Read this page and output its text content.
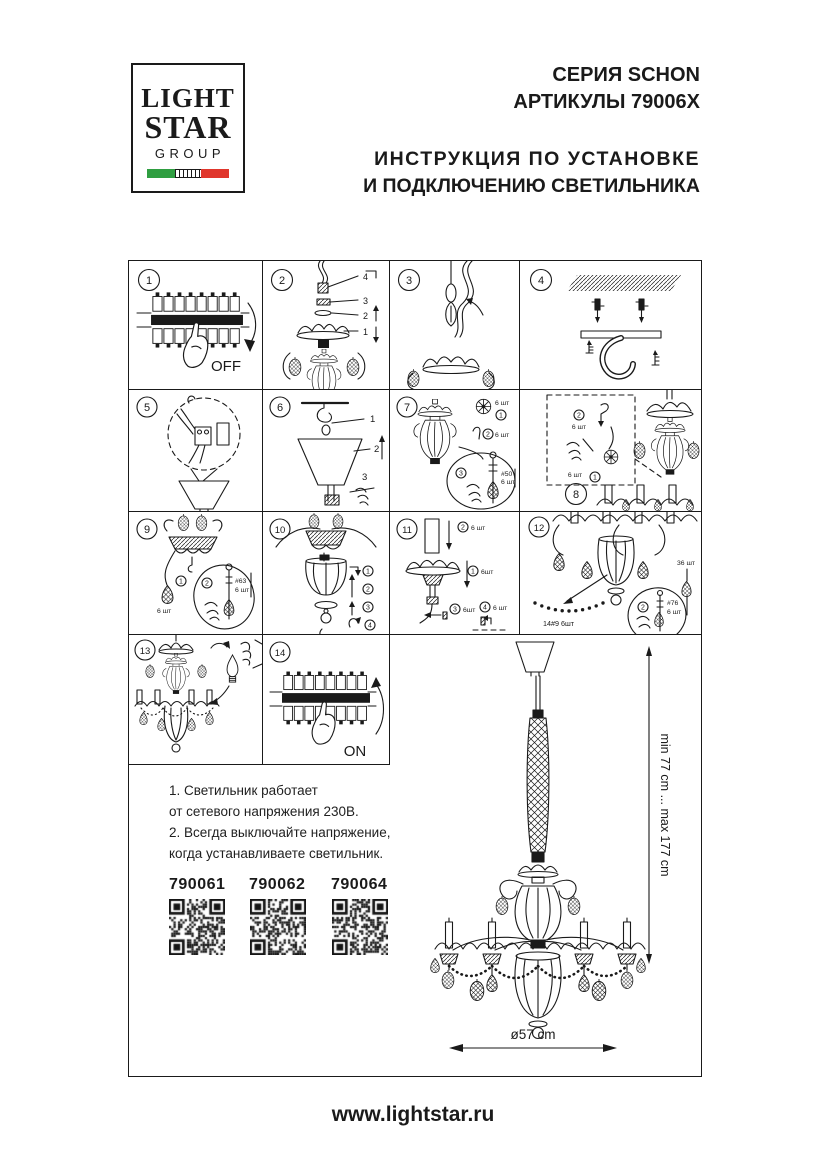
LIGHT
STAR
GROUP
СЕРИЯ SCHON
АРТИКУЛЫ 79006X
ИНСТРУКЦИЯ ПО УСТАНОВКЕ
И ПОДКЛЮЧЕНИЮ СВЕТИЛЬНИКА
1
OFF
2	4
3
2
1
3	4
5	6
1
2
3
7	6 шт
1
2 6 шт
3	#50
6 шт
2
6 шт
6 шт 1
8
9
1
6 шт
2	#63
6 шт
10
1
2
3
4
11	2 6 шт
1 6шт
3 6шт	6 шт
4
36 шт
14#9 6шт
2
#76
6 шт
12
13	14
ON
1. Светильник работает
от сетевого напряжения 230В.
2. Всегда выключайте напряжение,
когда устанавливаете светильник.
790061 790062 790064
min 77 cm ... max 177 cm
ø57 cm
www.lightstar.ru
